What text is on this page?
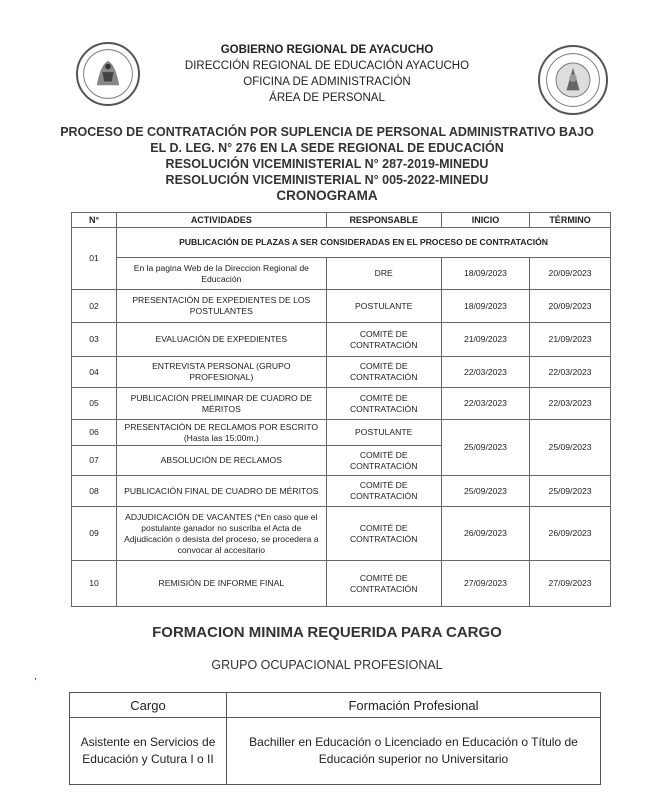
GOBIERNO REGIONAL DE AYACUCHO
DIRECCIÓN REGIONAL DE EDUCACIÓN AYACUCHO
OFICINA DE ADMINISTRACIÓN
ÁREA DE PERSONAL
PROCESO DE CONTRATACIÓN POR SUPLENCIA DE PERSONAL ADMINISTRATIVO BAJO
EL D. LEG. N° 276 EN LA SEDE REGIONAL DE EDUCACIÓN
RESOLUCIÓN VICEMINISTERIAL N° 287-2019-MINEDU
RESOLUCIÓN VICEMINISTERIAL N° 005-2022-MINEDU
CRONOGRAMA
N°	ACTIVIDADES	RESPONSABLE	INICIO	TÉRMINO
01	PUBLICACIÓN DE PLAZAS A SER CONSIDERADAS EN EL PROCESO DE CONTRATACIÓN			
	En la pagina Web de la Direccion Regional de Educación	DRE	18/09/2023	20/09/2023
02	PRESENTACIÓN DE EXPEDIENTES DE LOS POSTULANTES	POSTULANTE	18/09/2023	20/09/2023
03	EVALUACIÓN DE EXPEDIENTES	COMITÉ DE CONTRATACIÓN	21/09/2023	21/09/2023
04	ENTREVISTA PERSONAL (GRUPO PROFESIONAL)	COMITÉ DE CONTRATACIÓN	22/03/2023	22/03/2023
05	PUBLICACIÓN PRELIMINAR DE CUADRO DE MÉRITOS	COMITÉ DE CONTRATACIÓN	22/03/2023	22/03/2023
06	PRESENTACIÓN DE RECLAMOS POR ESCRITO (Hasta las 15:00m.)	POSTULANTE	25/09/2023	25/09/2023
07	ABSOLUCIÓN DE RECLAMOS	COMITÉ DE CONTRATACIÓN		
08	PUBLICACIÓN FINAL DE CUADRO DE MÉRITOS	COMITÉ DE CONTRATACIÓN	25/09/2023	25/09/2023
09	ADJUDICACIÓN DE VACANTES (*En caso que el postulante ganador no suscriba el Acta de Adjudicación o desista del proceso, se procedera a convocar al accesitario	COMITÉ DE CONTRATACIÓN	26/09/2023	26/09/2023
10	REMISIÓN DE INFORME FINAL	COMITÉ DE CONTRATACIÓN	27/09/2023	27/09/2023
FORMACION MINIMA REQUERIDA PARA CARGO
GRUPO OCUPACIONAL PROFESIONAL
,
Cargo	Formación Profesional
Asistente en Servicios de Educación y Cutura I o II	Bachiller en Educación o Licenciado en Educación o Título de Educación superior no Universitario
